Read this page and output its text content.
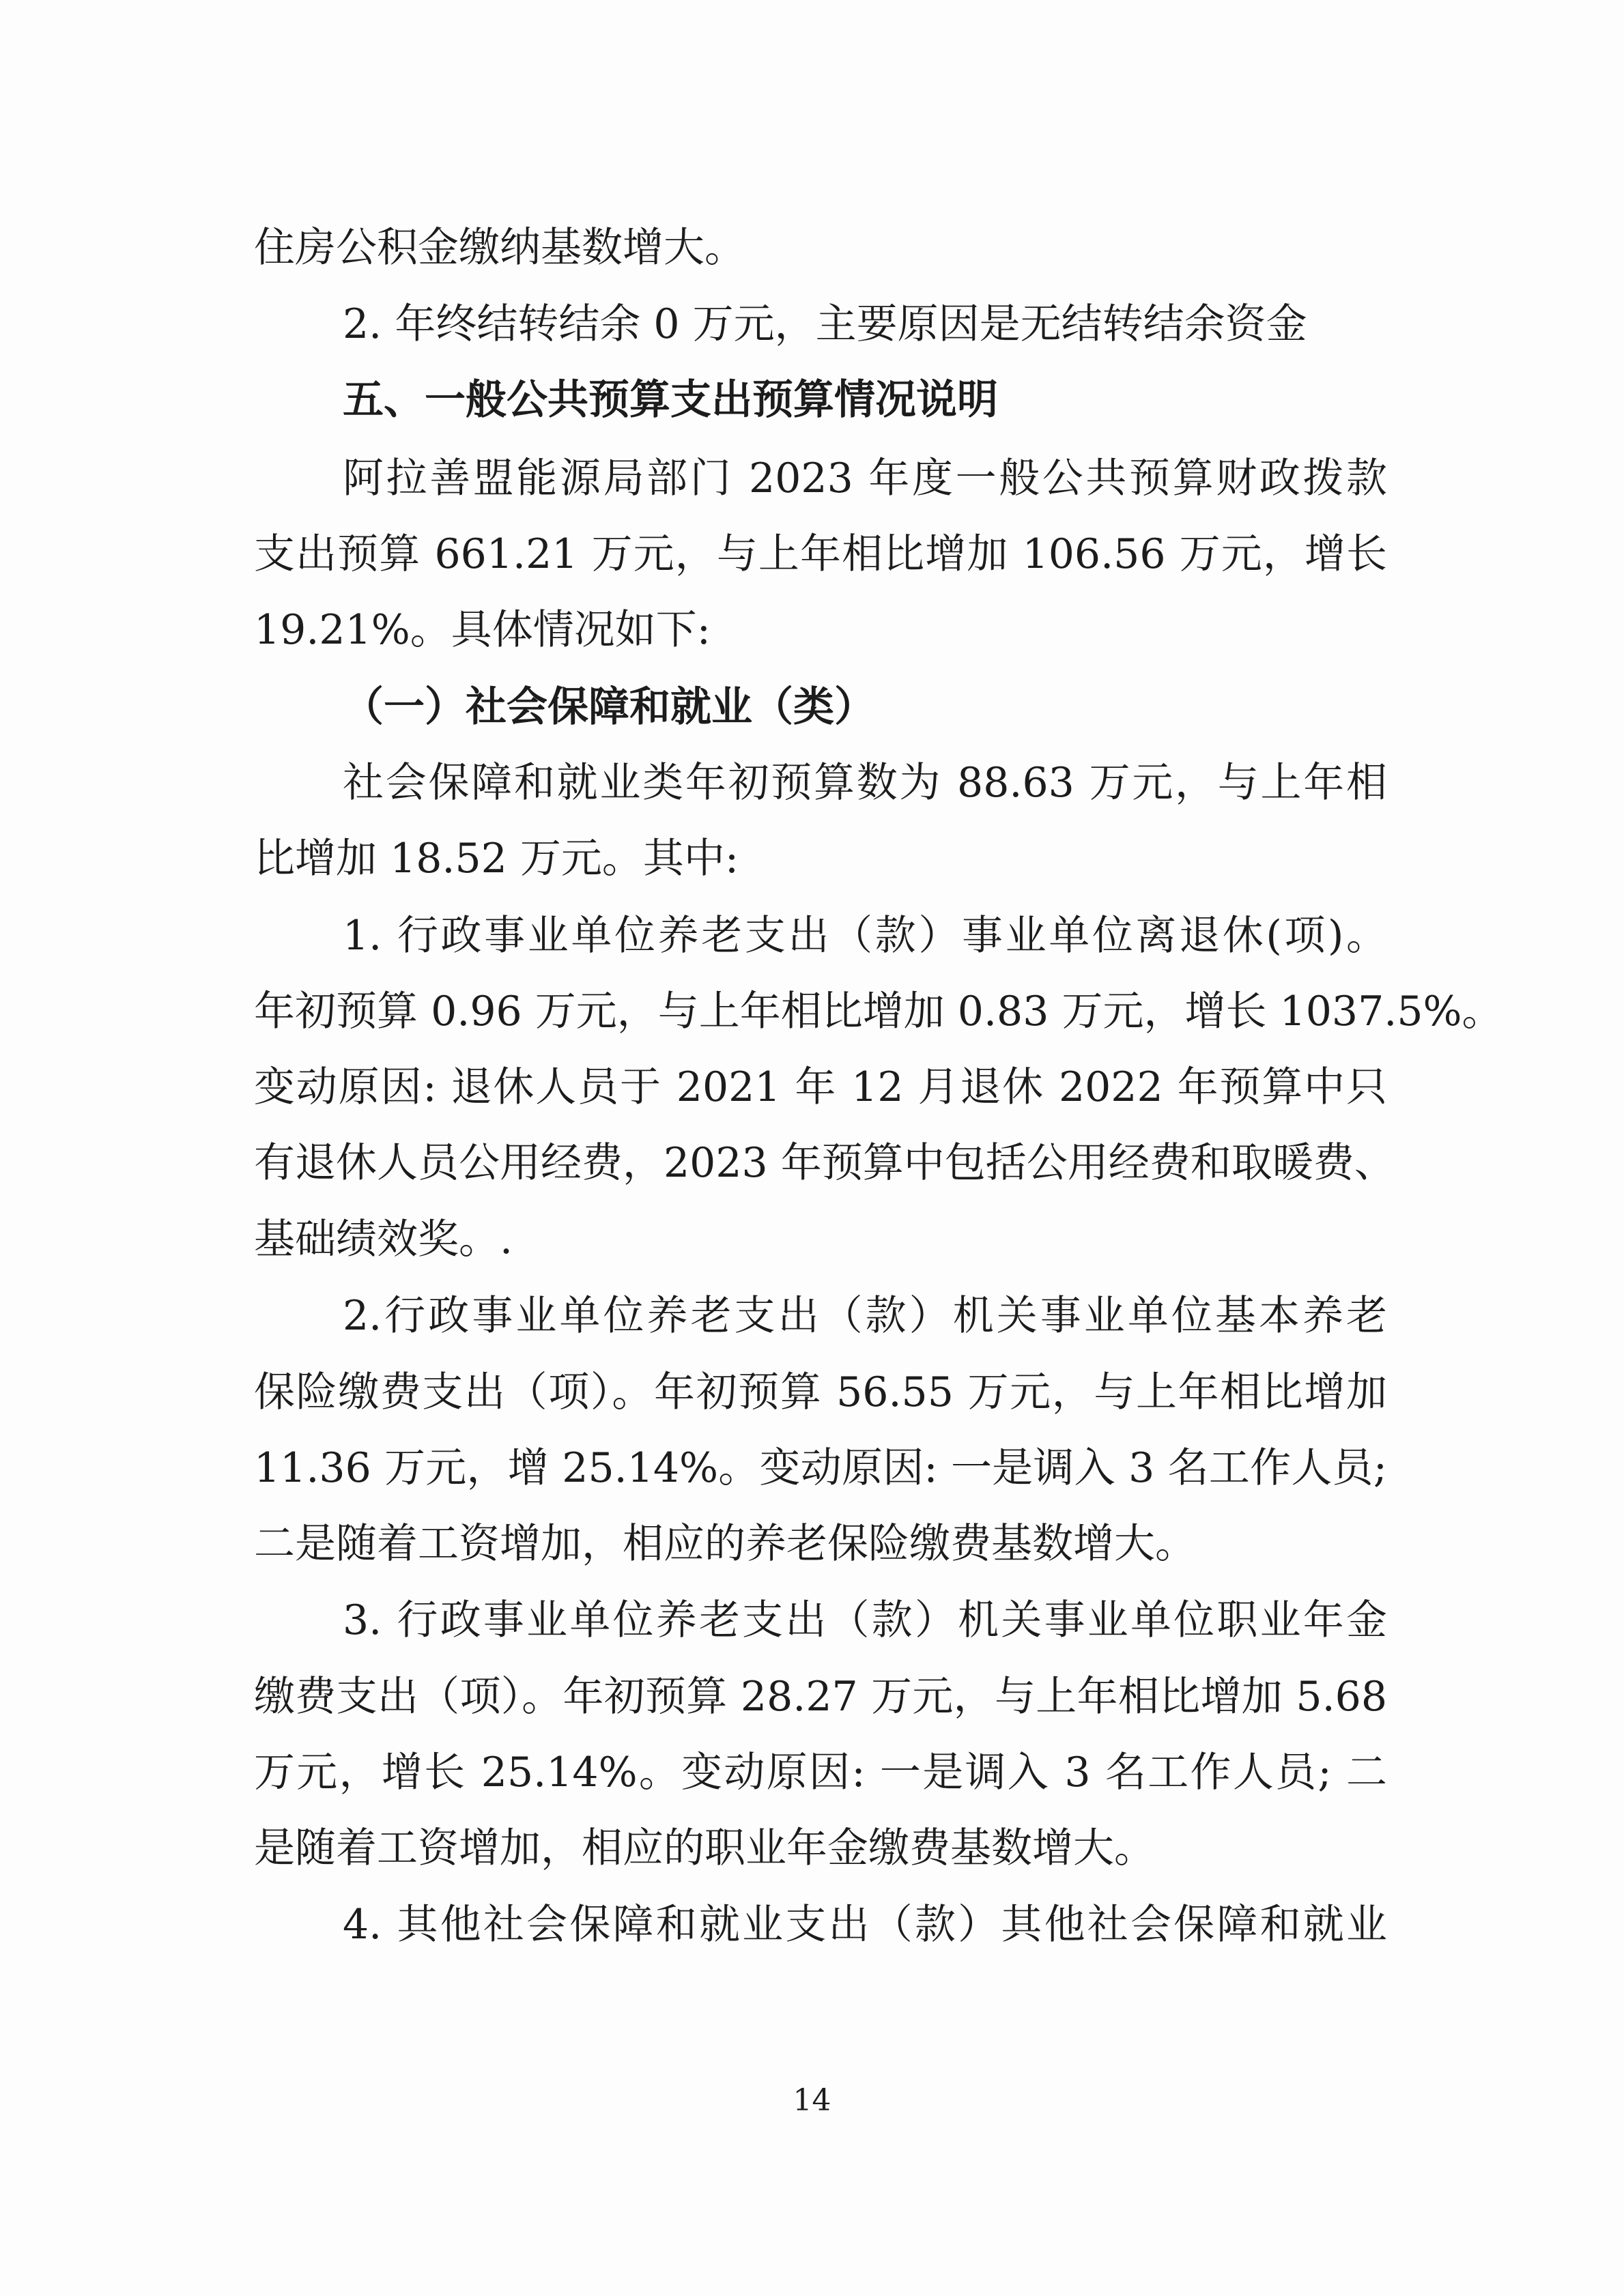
住房公积金缴纳基数增大。
2. 年终结转结余 0 万元，主要原因是无结转结余资金
五、一般公共预算支出预算情况说明
阿拉善盟能源局部门 2023 年度一般公共预算财政拨款
支出预算 661.21 万元，与上年相比增加 106.56 万元，增长
19.21%。具体情况如下:
（一）社会保障和就业（类）
社会保障和就业类年初预算数为 88.63 万元，与上年相
比增加 18.52 万元。其中:
1. 行政事业单位养老支出（款）事业单位离退休(项)。
年初预算 0.96 万元，与上年相比增加 0.83 万元，增长 1037.5%。
变动原因: 退休人员于 2021 年 12 月退休 2022 年预算中只
有退休人员公用经费，2023 年预算中包括公用经费和取暖费、
基础绩效奖。.
2.行政事业单位养老支出（款）机关事业单位基本养老
保险缴费支出（项）。年初预算 56.55 万元，与上年相比增加
11.36 万元，增 25.14%。变动原因: 一是调入 3 名工作人员;
二是随着工资增加，相应的养老保险缴费基数增大。
3. 行政事业单位养老支出（款）机关事业单位职业年金
缴费支出（项）。年初预算 28.27 万元，与上年相比增加 5.68
万元，增长 25.14%。变动原因: 一是调入 3 名工作人员; 二
是随着工资增加，相应的职业年金缴费基数增大。
4. 其他社会保障和就业支出（款）其他社会保障和就业
14
